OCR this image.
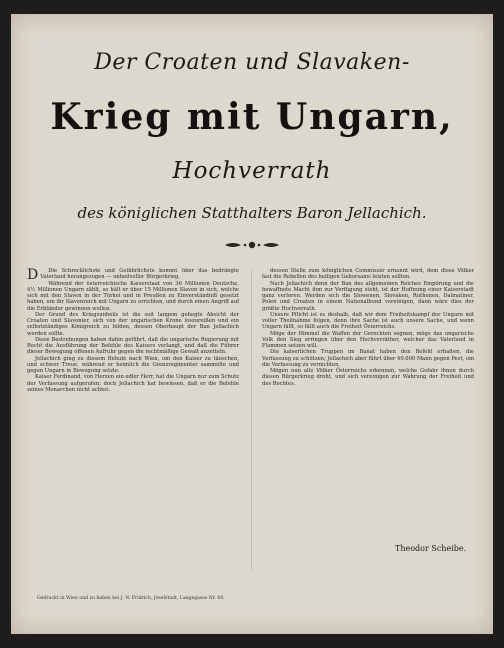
Der Croaten und Slavaken-
Krieg mit Ungarn,
Hochverrath
des königlichen Statthalters Baron Jellachich.
D	Die Schrecklichste und Gefährlichste kommt über das bedrängte Vaterland herangezogen — unheilvoller Bürgerkrieg.

Während der österreichische Kaiserstaat von 36 Millionen Deutsche, 4½ Millionen Ungarn zählt, so hält er über 15 Millionen Slaven in sich, welche sich mit den Slaven in der Türkei und in Preußen zu Einverständniß gesetzt haben, um ihr Slavenreich mit Ungarn zu errichten, und durch einen Angriff auf die Erbländer gewinnen wollen.

Der Grund des Kriegsunheils ist die seit langem gehegte Absicht der Croaten und Slavonier, sich von der ungarischen Krone loszureißen und ein selbstständiges Königreich zu bilden, dessen Oberhaupt der Ban Jellachich werden sollte.

Diese Bestrebungen haben dahin geführt, daß die ungarische Regierung mit Recht die Ausführung der Befehle des Kaisers verlangt, und daß die Führer dieser Bewegung offenen Aufruhr gegen die rechtmäßige Gewalt anzetteln.

Jellachich ging zu diesem Behufe nach Wien, um den Kaiser zu täuschen, und schwor Treue, während er heimlich die Grenzregimenter sammelte und gegen Ungarn in Bewegung setzte.

Kaiser Ferdinand, von Herzen ein edler Herr, hat die Ungarn nur zum Schutz der Verfassung aufgerufen; doch Jellachich hat bewiesen, daß er die Befehle seines Monarchen nicht achtet.

dessen Stelle zum königlichen Commissär ernannt wird, dem diese Völker fast die Rebellen des heiligen Gehorsams leisten sollten.

Nach Jellachich denn der Ban des allgemeinen Reiches Empörung und die bewaffnete Macht ihm zur Verfügung steht, ist der Hoffnung einer Kaiserstadt ganz verloren. Werden sich die Slowenen, Slovaken, Ruthenen, Dalmatiner, Polen und Croaten in einem Nationalbund vereinigen, dann wäre dies der größte Hochverrath.

Unsere Pflicht ist es deshalb, daß wir dem Freiheitskampf der Ungarn mit voller Theilnahme folgen, denn ihre Sache ist auch unsere Sache, und wenn Ungarn fällt, so fällt auch die Freiheit Österreichs.

Möge der Himmel die Waffen der Gerechten segnen, möge das ungarische Volk den Sieg erringen über den Hochverräther, welcher das Vaterland in Flammen setzen will.

Die kaiserlichen Truppen im Banat haben den Befehl erhalten, die Verfassung zu schützen; Jellachich aber führt über 40.000 Mann gegen Pest, um die Verfassung zu vernichten.

Mögen nun alle Völker Österreichs erkennen, welche Gefahr ihnen durch diesen Bürgerkrieg droht, und sich vereinigen zur Wahrung der Freiheit und des Rechtes.

Theodor Scheibe.
Gedruckt in Wien und zu haben bei J. N. Fridrich, Josefstadt, Langegasse Nr. 60.
